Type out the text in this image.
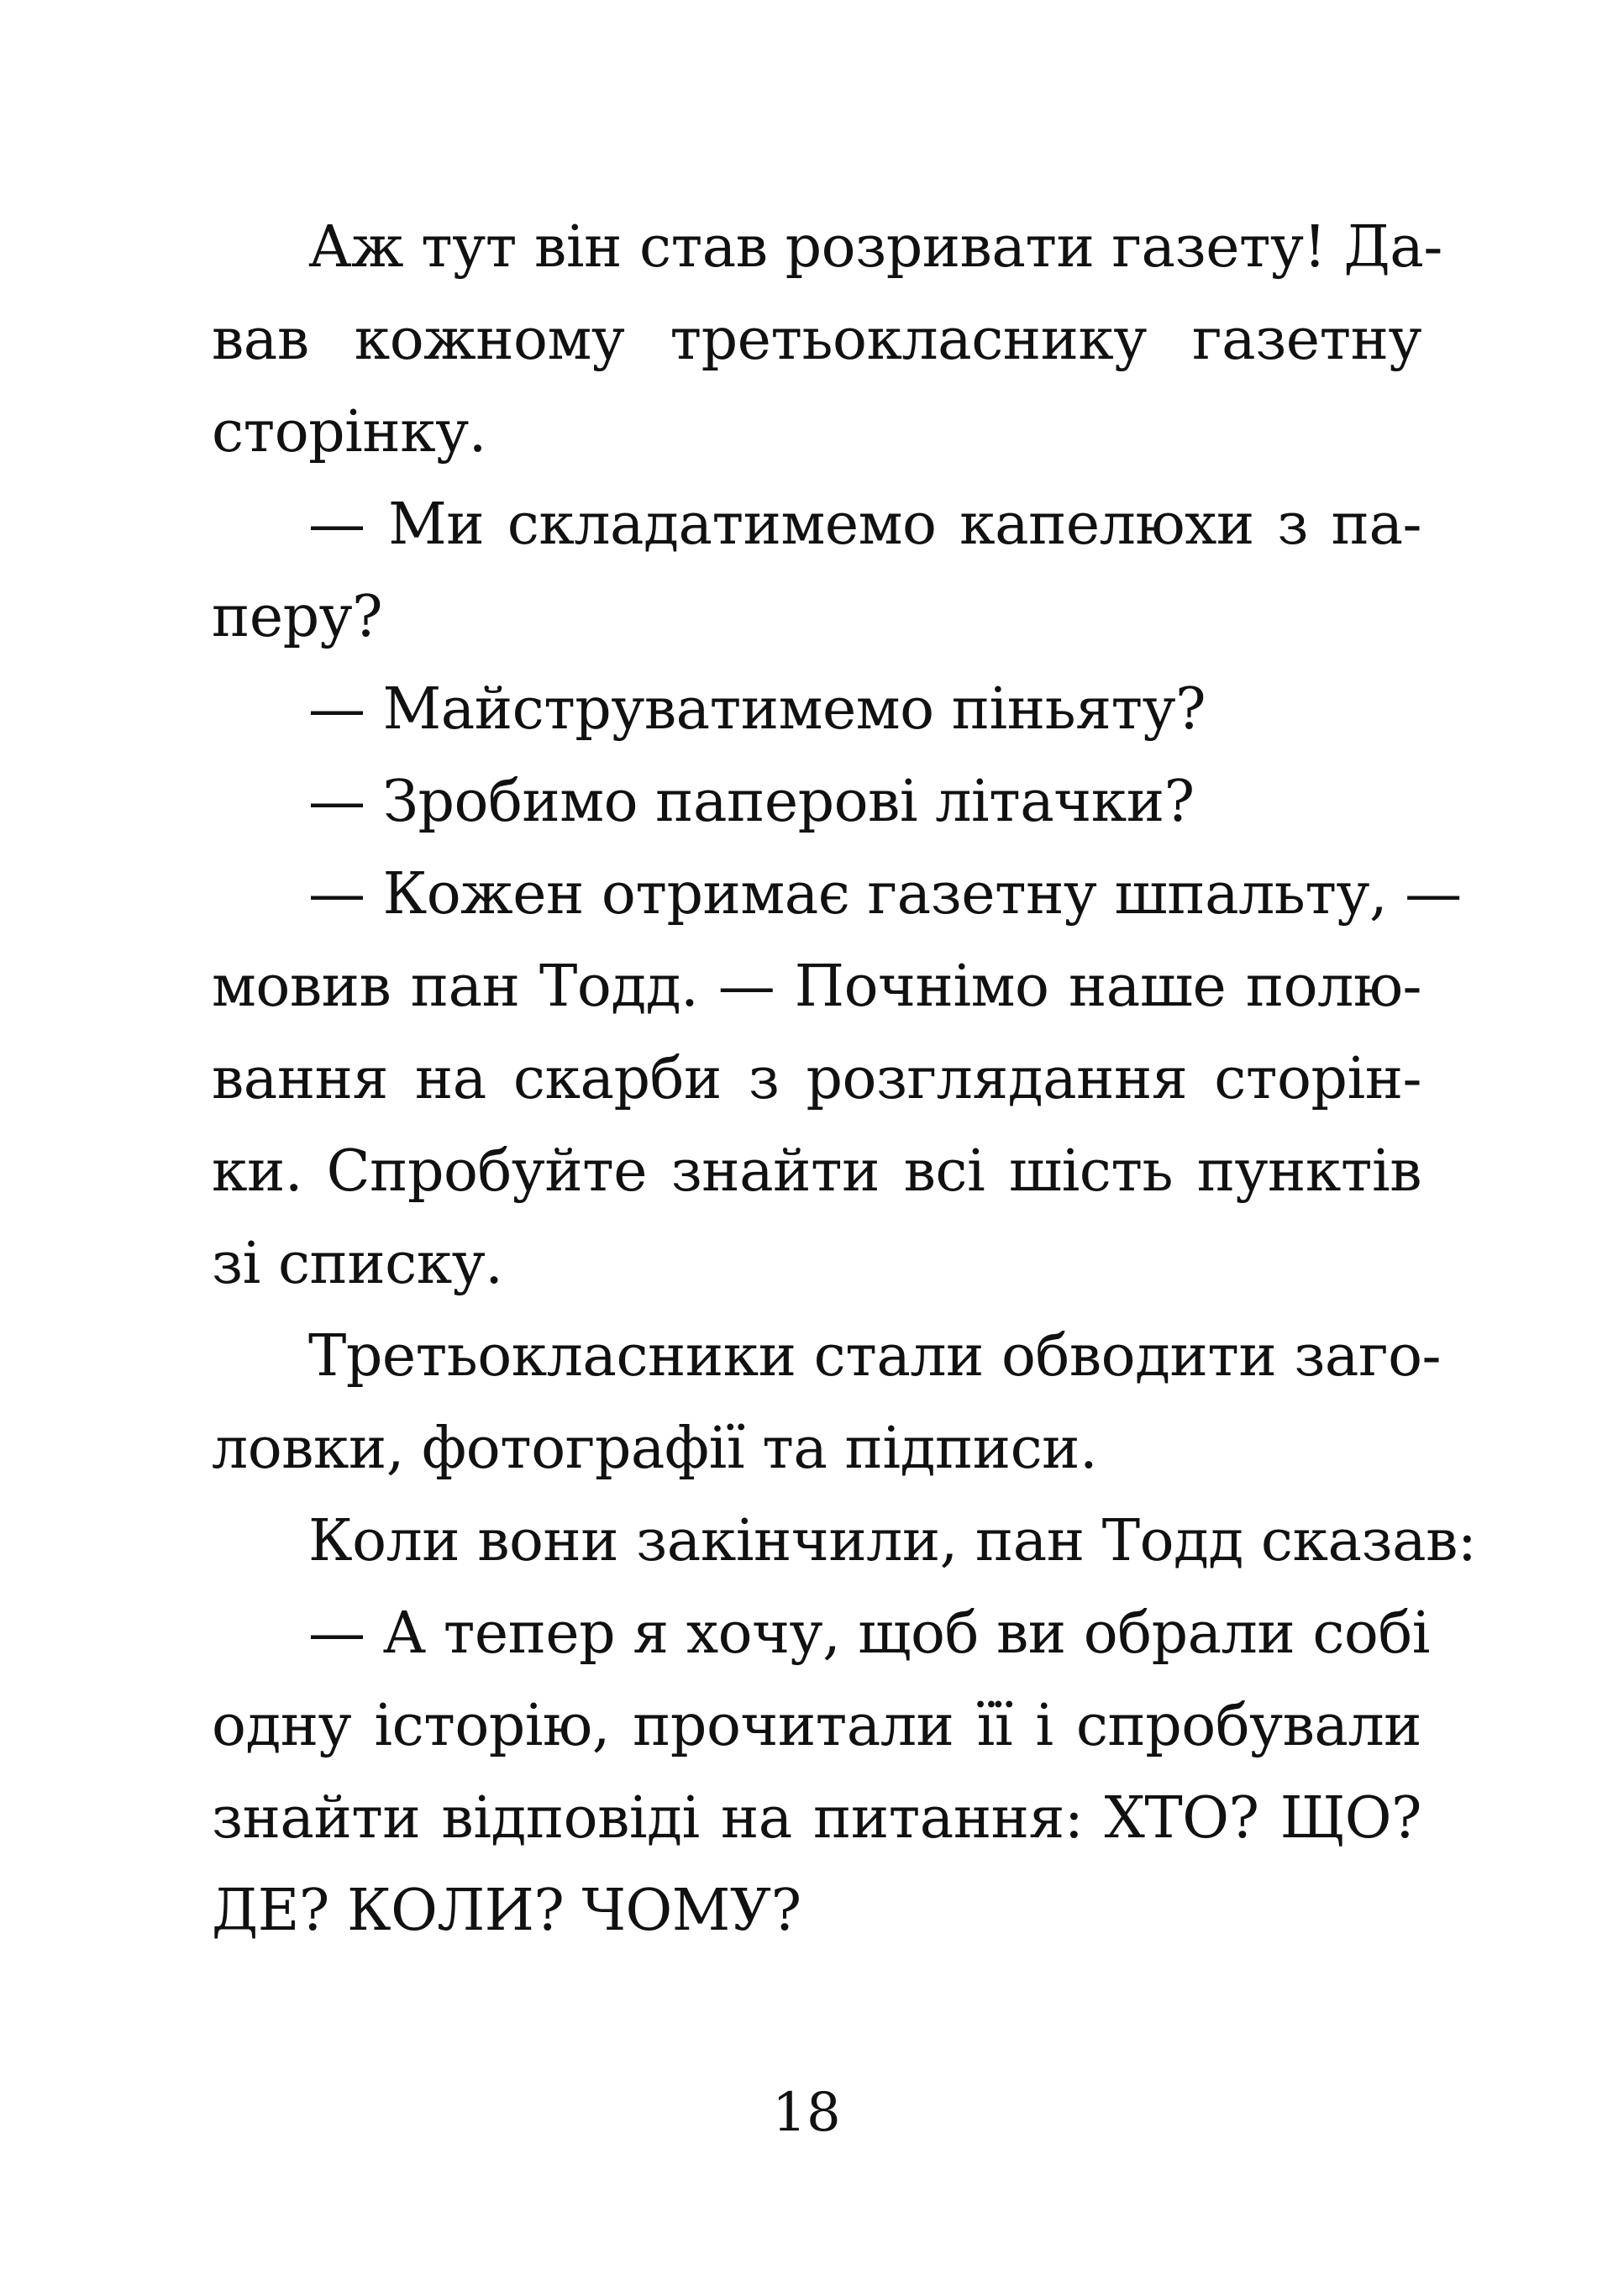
Аж тут він став розривати газету! Да-
вав кожному третьокласнику газетну
сторінку.
— Ми складатимемо капелюхи з па-
перу?
— Майструватимемо піньяту?
— Зробимо паперові літачки?
— Кожен отримає газетну шпальту, —
мовив пан Тодд. — Почнімо наше полю-
вання на скарби з розглядання сторін-
ки. Спробуйте знайти всі шість пунктів
зі списку.
Третьокласники стали обводити заго-
ловки, фотографії та підписи.
Коли вони закінчили, пан Тодд сказав:
— А тепер я хочу, щоб ви обрали собі
одну історію, прочитали її і спробували
знайти відповіді на питання: ХТО? ЩО?
ДЕ? КОЛИ? ЧОМУ?
18
